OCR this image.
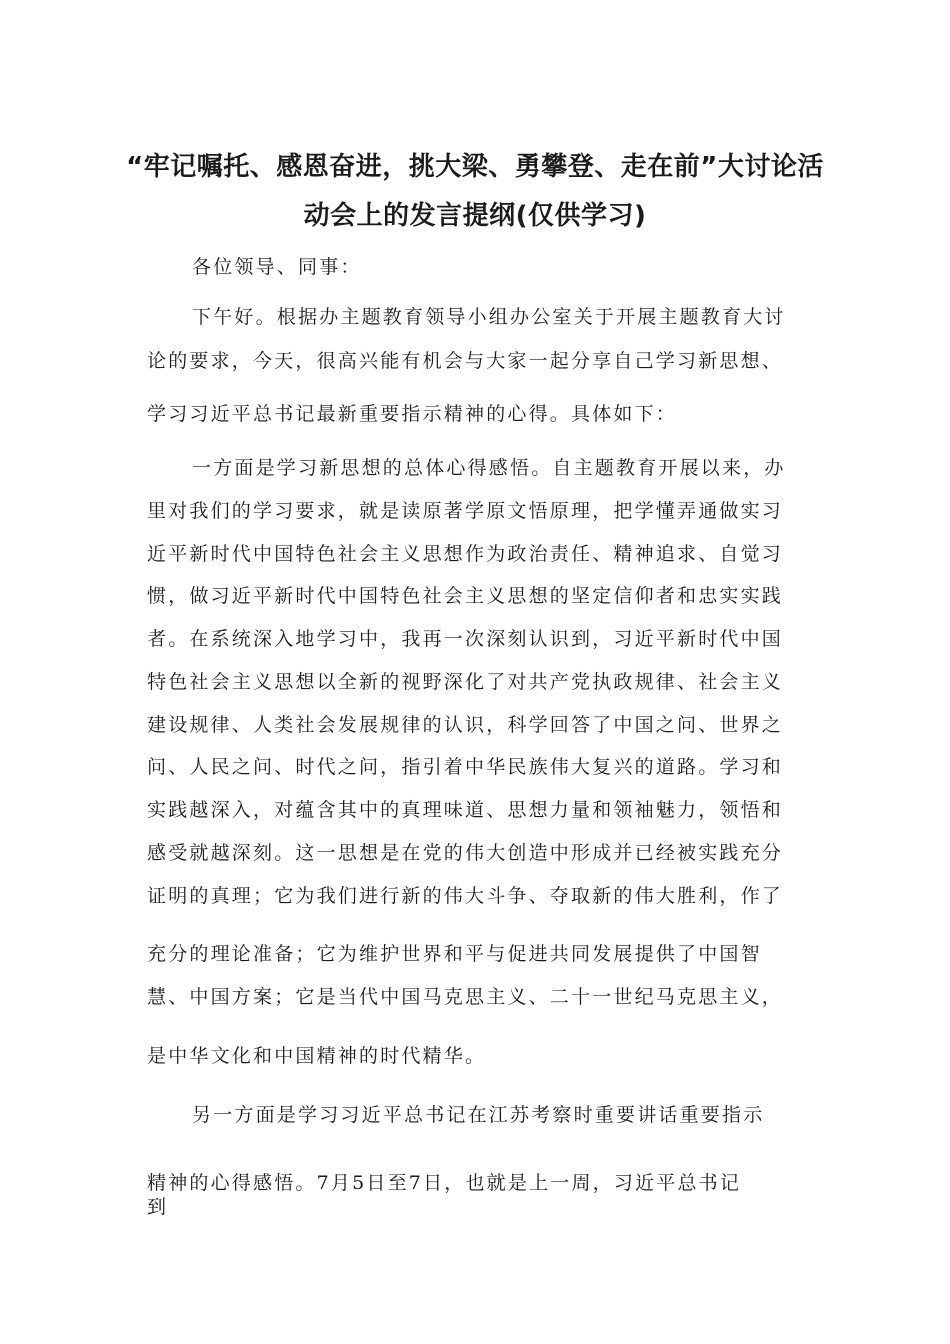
“牢记嘱托、感恩奋进，挑大梁、勇攀登、走在前”大讨论活
动会上的发言提纲(仅供学习)
各位领导、同事：
下午好。根据办主题教育领导小组办公室关于开展主题教育大讨
论的要求，今天，很高兴能有机会与大家一起分享自己学习新思想、
学习习近平总书记最新重要指示精神的心得。具体如下：
一方面是学习新思想的总体心得感悟。自主题教育开展以来，办
里对我们的学习要求，就是读原著学原文悟原理，把学懂弄通做实习
近平新时代中国特色社会主义思想作为政治责任、精神追求、自觉习
惯，做习近平新时代中国特色社会主义思想的坚定信仰者和忠实实践
者。在系统深入地学习中，我再一次深刻认识到，习近平新时代中国
特色社会主义思想以全新的视野深化了对共产党执政规律、社会主义
建设规律、人类社会发展规律的认识，科学回答了中国之问、世界之
问、人民之问、时代之问，指引着中华民族伟大复兴的道路。学习和
实践越深入，对蕴含其中的真理味道、思想力量和领袖魅力，领悟和
感受就越深刻。这一思想是在党的伟大创造中形成并已经被实践充分
证明的真理；它为我们进行新的伟大斗争、夺取新的伟大胜利，作了
充分的理论准备；它为维护世界和平与促进共同发展提供了中国智
慧、中国方案；它是当代中国马克思主义、二十一世纪马克思主义，
是中华文化和中国精神的时代精华。
另一方面是学习习近平总书记在江苏考察时重要讲话重要指示
精神的心得感悟。7月5日至7日，也就是上一周，习近平总书记
到
